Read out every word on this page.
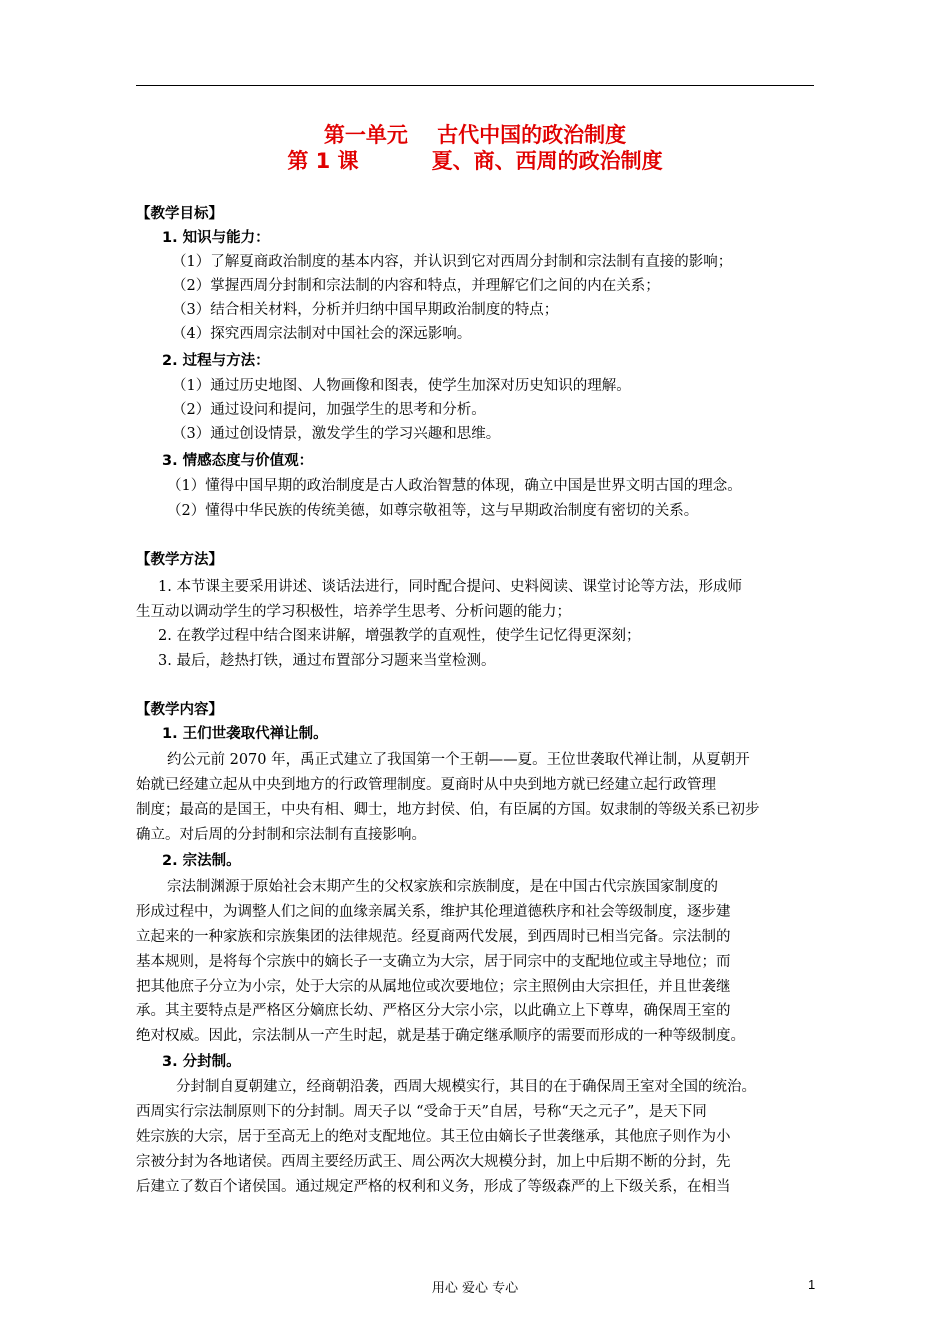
第一单元    古代中国的政治制度
第 1 课          夏、商、西周的政治制度
【教学目标】
1. 知识与能力：
（1）了解夏商政治制度的基本内容，并认识到它对西周分封制和宗法制有直接的影响；
（2）掌握西周分封制和宗法制的内容和特点，并理解它们之间的内在关系；
（3）结合相关材料，分析并归纳中国早期政治制度的特点；
（4）探究西周宗法制对中国社会的深远影响。
2. 过程与方法：
（1）通过历史地图、人物画像和图表，使学生加深对历史知识的理解。
（2）通过设问和提问，加强学生的思考和分析。
（3）通过创设情景，激发学生的学习兴趣和思维。
3. 情感态度与价值观：
（1）懂得中国早期的政治制度是古人政治智慧的体现，确立中国是世界文明古国的理念。
（2）懂得中华民族的传统美德，如尊宗敬祖等，这与早期政治制度有密切的关系。
【教学方法】
1. 本节课主要采用讲述、谈话法进行，同时配合提问、史料阅读、课堂讨论等方法，形成师
生互动以调动学生的学习积极性，培养学生思考、分析问题的能力；
2. 在教学过程中结合图来讲解，增强教学的直观性，使学生记忆得更深刻；
3. 最后，趁热打铁，通过布置部分习题来当堂检测。
【教学内容】
1. 王们世袭取代禅让制。
约公元前 2070 年，禹正式建立了我国第一个王朝——夏。王位世袭取代禅让制，从夏朝开
始就已经建立起从中央到地方的行政管理制度。夏商时从中央到地方就已经建立起行政管理
制度；最高的是国王，中央有相、卿士，地方封侯、伯，有臣属的方国。奴隶制的等级关系已初步
确立。对后周的分封制和宗法制有直接影响。
2. 宗法制。
宗法制渊源于原始社会末期产生的父权家族和宗族制度，是在中国古代宗族国家制度的
形成过程中，为调整人们之间的血缘亲属关系，维护其伦理道德秩序和社会等级制度，逐步建
立起来的一种家族和宗族集团的法律规范。经夏商两代发展，到西周时已相当完备。宗法制的
基本规则，是将每个宗族中的嫡长子一支确立为大宗，居于同宗中的支配地位或主导地位；而
把其他庶子分立为小宗，处于大宗的从属地位或次要地位；宗主照例由大宗担任，并且世袭继
承。其主要特点是严格区分嫡庶长幼、严格区分大宗小宗，以此确立上下尊卑，确保周王室的
绝对权威。因此，宗法制从一产生时起，就是基于确定继承顺序的需要而形成的一种等级制度。
3. 分封制。
分封制自夏朝建立，经商朝沿袭，西周大规模实行，其目的在于确保周王室对全国的统治。
西周实行宗法制原则下的分封制。周天子以 “受命于天”自居，号称“天之元子”，是天下同
姓宗族的大宗，居于至高无上的绝对支配地位。其王位由嫡长子世袭继承，其他庶子则作为小
宗被分封为各地诸侯。西周主要经历武王、周公两次大规模分封，加上中后期不断的分封，先
后建立了数百个诸侯国。通过规定严格的权利和义务，形成了等级森严的上下级关系，在相当
用心 爱心 专心	1
